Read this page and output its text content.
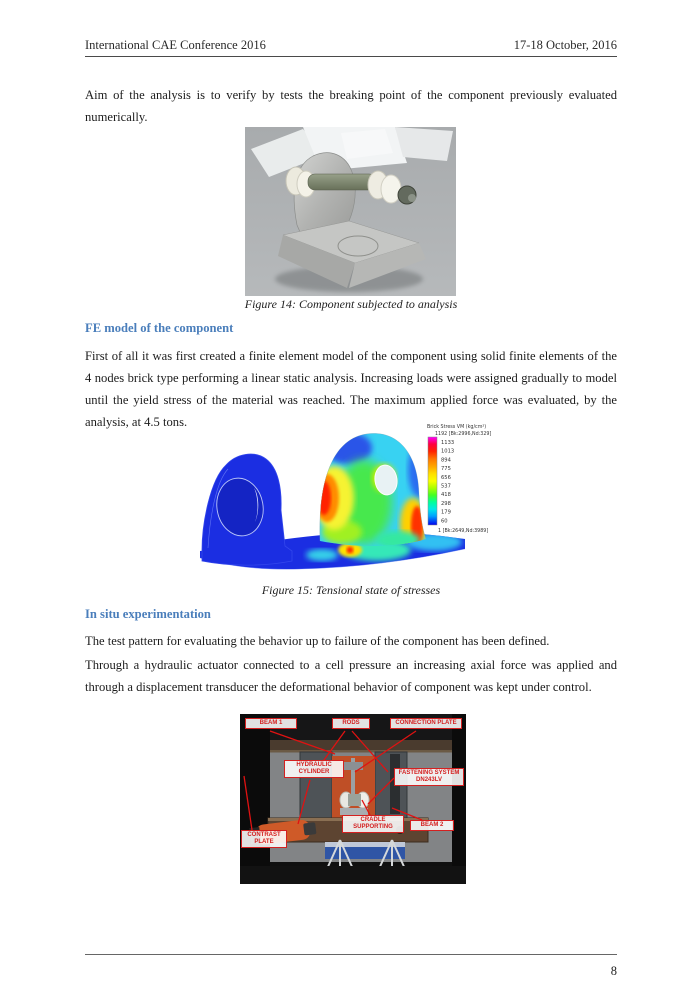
International CAE Conference 2016	17-18 October, 2016
Aim of the analysis is to verify by tests the breaking point of the component previously evaluated numerically.
Figure 14: Component subjected to analysis
FE model of the component
First of all it was first created a finite element model of the component using solid finite elements of the 4 nodes brick type performing a linear static analysis. Increasing loads were assigned gradually to model until the yield stress of the material was reached. The maximum applied force was evaluated, by the analysis, at 4.5 tons.	Brick Stress VM (kg/cm²)
1192 [Bk:2996,Nd:329]
1133
1013
894
775
656
537
418
298
179
60
1 [Bk:2649,Nd:3989]
Figure 15: Tensional state of stresses
In situ experimentation
The test pattern for evaluating the behavior up to failure of the component has been defined.
Through a hydraulic actuator connected to a cell pressure an increasing axial force was applied and through a displacement transducer the deformational behavior of component was kept under control.
BEAM 1	RODS	CONNECTION PLATE
HYDRAULIC CYLINDER	FASTENING SYSTEM DN243LV
CONTRAST PLATE
CRADLE SUPPORTING	BEAM 2
8
